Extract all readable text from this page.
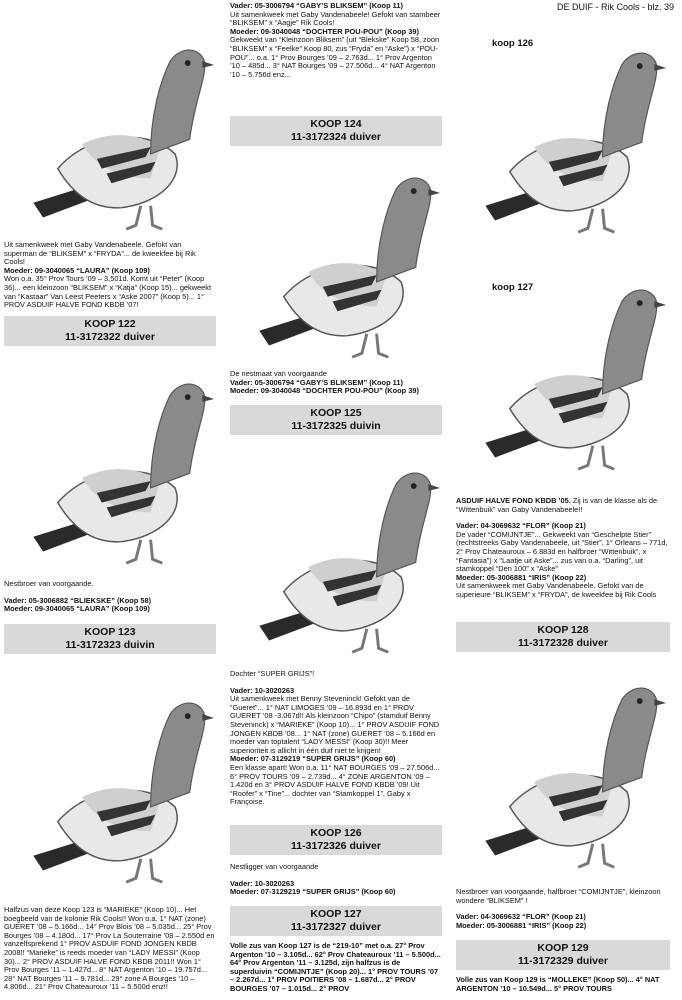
DE DUIF - Rik Cools - blz. 39

Uit samenkweek met Gaby Vandenabeele. Gefokt van superman de “BLIKSEM” x “FRYDA”... de kweekfee bij Rik Cools!

Moeder: 09-3040065 “LAURA” (Koop 109)

Won o.a. 35° Prov Tours ’09 – 3.501d. Komt uit “Peter” (Koop 36)... een kleinzoon “BLIKSEM” x “Katja” (Koop 15)... gekweekt van “Kastaar” Van Leest Peeters x “Aske 2007” (Koop 5)... 1° PROV ASDUIF HALVE FOND KBDB ’07!

KOOP 122
11-3172322 duiver

Nestbroer van voorgaande.

Vader: 05-3006882 “BLIEKSKE” (Koop 58)

Moeder: 09-3040065 “LAURA” (Koop 109)

KOOP 123
11-3172323 duivin

Halfzus van deze Koop 123 is “MARIEKE” (Koop 10)... Het boegbeeld van de kolonie Rik Cools!! Won o.a. 1° NAT (zone) GUERET ’08 – 5.166d... 14° Prov Blois ’08 – 5.035d... 25° Prov Bourges ’08 – 4.180d... 17° Prov La Souterraine ’08 – 2.550d en vanzelfsprekend 1° PROV ASDUIF FOND JONGEN KBDB 2008!! “Marieke” is reeds moeder van “LADY MESSI” (Koop 30)... 2° PROV ASDUIF HALVE FOND KBDB 2011!! Won 1° Prov Bourges ’11 – 1.427d... 8° NAT Argenton ’10 – 19.757d... 28° NAT Bourges ’11 – 9.781d... 29° zone A Bourges ’10 – 4.806d... 21° Prov Chateauroux ’11 – 5.500d enz!!

Vader: 05-3006794 “GABY’S BLIKSEM” (Koop 11)

Uit samenkweek met Gaby Vandenabeele! Gefokt van stambeer “BLIKSEM” x “Aagje” Rik Cools!

Moeder: 09-3040048 “DOCHTER POU-POU” (Koop 39)

Gekweekt van “Kleinzoon Bliksem” (uit “Blekske” Koop 58, zoon “BLIKSEM” x “Feelke” Koop 80, zus “Fryda” en “Aske”) x “POU-POU”... o.a. 1° Prov Bourges ’09 – 2.763d... 1° Prov Argenton ’10 – 485d... 3° NAT Bourges ’09 – 27.506d... 4° NAT Argenton ’10 – 5.756d enz...

KOOP 124
11-3172324 duiver

De nestmaat van voorgaande

Vader: 05-3006794 “GABY’S BLIKSEM” (Koop 11)

Moeder: 09-3040048 “DOCHTER POU-POU” (Koop 39)

KOOP 125
11-3172325 duivin

Dochter “SUPER GRIJS”!

Vader: 10-3020263

Uit samenkweek met Benny Steveninck! Gefokt van de “Gueret”... 1° NAT LIMOGES ’09 – 16.893d en 1° PROV GUERET ’08 -3.067d!! Als kleinzoon “Chipo” (stamduif Benny Steveninck) x “MARIEKE” (Koop 10)... 1° PROV ASDUIF FOND JONGEN KBDB ’08... 1° NAT (zone) GUERET ’08 – 5.166d en moeder van toptalent “LADY MESSI” (Koop 30)!! Meer superioriteit is allicht in één duif niet te krijgen!

Moeder: 07-3129219 “SUPER GRIJS” (Koop 60)

Een klasse apart! Won o.a. 11° NAT BOURGES ’09 – 27.506d... 6° PROV TOURS ’09 – 2.739d... 4° ZONE ARGENTON ’09 – 1.420d en 3° PROV ASDUIF HALVE FOND KBDB ’09! Uit “Roofer” x “Tine”... dochter van “Stamkoppel 1”, Gaby x Françoise.

KOOP 126
11-3172326 duiver

Nestligger van voorgaande

Vader: 10-3020263

Moeder: 07-3129219 “SUPER GRIJS” (Koop 60)

KOOP 127
11-3172327 duiver

Volle zus van Koop 127 is de “219-10” met o.a. 27° Prov Argenton ’10 – 3.105d... 62° Prov Chateauroux ’11 – 5.500d... 64° Prov Argenton ’11 – 3.125d, zijn halfzus is de superduivin “COMIJNTJE” (Koop 20)... 1° PROV TOURS ’07 – 2.267d... 1° PROV POITIERS ’08 – 1.687d... 2° PROV BOURGES ’07 – 1.015d... 2° PROV

koop 126
koop 127

ASDUIF HALVE FOND KBDB ’05. Zij is van de klasse als de “Wittenbuik” van Gaby Vandenabeele!!

Vader: 04-3069632 “FLOR” (Koop 21)

De vader “COMIJNTJE”... Gekweekt van “Geschelpte Stier” (rechtstreeks Gaby Vandenabeele, uit “Stier”, 1° Orleans – 771d, 2° Prov Chateauroux – 6.883d en halfbroer “Wittenbuik”, x “Fantasia”) x “Laatje uit Aske”... zus van o.a. “Darling”, uit stamkoppel “Den 100” x “Aske”

Moeder: 05-3006881 “IRIS” (Koop 22)

Uit samenkweek met Gaby Vandenabeele. Gefokt van de superieure “BLIKSEM” x “FRYDA”, de kweekfee bij Rik Cools

KOOP 128
11-3172328 duiver

Nestbroer van voorgaande, halfbroer “COMIJNTJE”, kleinzoon wondere “BLIKSEM” !

Vader: 04-3069632 “FLOR” (Koop 21)

Moeder: 05-3006881 “IRIS” (Koop 22)

KOOP 129
11-3172329 duiver

Volle zus van Koop 129 is “MOLLEKE” (Koop 50)... 4° NAT ARGENTON ’10 – 10.549d... 5° PROV TOURS
